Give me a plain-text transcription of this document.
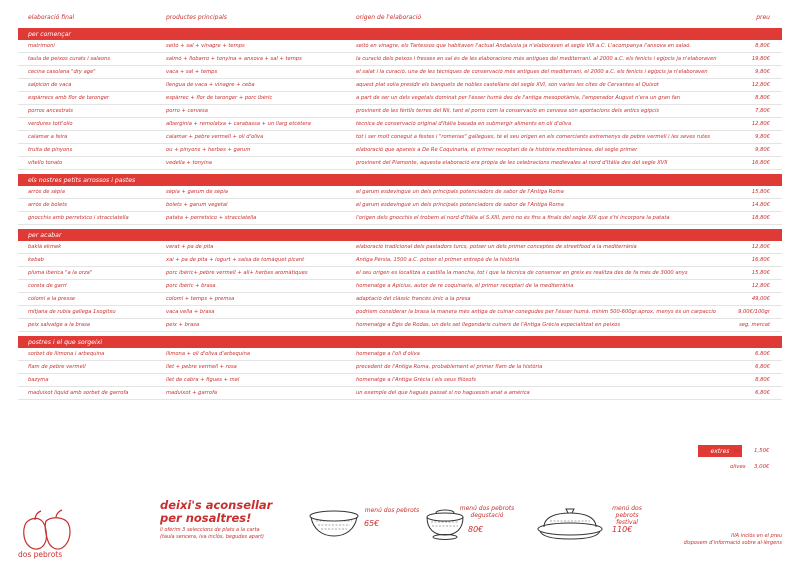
elaboració final	productes principals	origen de l'elaboració	preu
per començar
matrimoni	seitó + sal + vinagre + temps	seitó en vinagre, els Tartessos que habitaven l'actual Andalusia ja n'elaboraven al segle VIII a.C. L'acompanya l'anxova en salaó.	8,80€
taula de peixos curats i salaons	salmó + llobarro + tonyina + anxova + sal + temps	la curació dels peixos i fresses en sal és de les elaboracions més antigues del mediterrani. al 2000 a.C. els fenicis i egipcis ja n'elaboraven	19,80€
cecina casolana "dry age"	vaca + sal + temps	el salat i la curació, una de les tècniques de conservació més antigues del mediterrani, el 2000 a.C. els fenicis i egipcis ja n'elaboraven	9,80€
salpicón de vaca	llengua de vaca + vinagre + ceba	aquest plat solia presidir els banquets de nobles castellans del segle XVI, són varies les cites de Cervantes al Quixot	12,80€
espàrrecs amb flor de taronger	espàrrec + flor de taronger + porc ibèric	a part de ser un dels vegetals dominat per l'ésser humà des de l'antiga mesopotàmia, l'emperador August n'era un gran fan	8,80€
porros ancestrals	porro + cervesa	provinent de les fèrtils terres del Nil, tant el porro com la conservació en cervesa són aportacions dels antics egipcis	7,80€
verdures tott'olio	albergínia + remolatxa + carabassa + un llarg etcètera	tècnica de conservació original d'Itàlia basada en submergir aliments en oli d'oliva	12,80€
calamar a feira	calamar + pebre vermell + oli d'oliva	tot i ser molt conegut a festes i "romerías" gallegues, té el seu origen en els comerciants extremenys de pebre vermell i les seves rutes	9,80€
truita de pinyons	ou + pinyons + herbes + garum	elaboració que apareix a De Re Coquinaria, el primer receptari de la història mediterrànea, del segle primer	9,80€
vitello tonato	vedella + tonyina	provinent del Piamonte, aquesta elaboració era pròpia de les celebracions medievales al nord d'Itàlia des del segle XVII	16,80€
els nostres petits arrossos i pastes
arròs de sèpia	sèpia + garum de sèpia	el garum esdevingué un dels principals potenciadors de sabor de l'Antiga Roma	15,80€
arròs de bolets	bolets + garum vegetal	el garum esdevingué un dels principals potenciadors de sabor de l'Antiga Roma	14,80€
gnocchis amb perretxico i stracciatella	patata + perretxico + stracciatella	l'origen dels gnocchis el trobem al nord d'Itàlia al S.XIII, però no és fins a finals del segle XIX que s'hi incorpora la patata	18,80€
per acabar
baklà ekmek	verat + pa de pita	elaboració tradicional dels pastadors turcs, potser un dels primer conceptes de streetfood a la mediterrània	12,80€
kebab	xai + pa de pita + iogurt + salsa de tomàquet picant	Antiga Pèrsia, 1500 a.C. potser el primer entrepà de la història	16,80€
pluma ibèrica "a la orza"	porc ibèric+ pebre vermell + all+ herbes aromàtiques	el seu origen es localitza a castilla la mancha, tot i que la tècnica de conservar en greix es realitza des de fa més de 3000 anys	15,80€
coreta de garri	porc ibèric + brasa	homenatge a Apicius, autor de re coquinaria, el primer receptari de la mediterrània	12,80€
colomí a la presse	colomí + temps + premsa	adaptació del clàssic francès únic a la presa	49,00€
mitjana de rubia gallega 1xogitxu	vaca vella + brasa	podríem considerar la brasa la manera més antiga de cuinar conegudes per l'ésser humà. mínim 500-600gr.aprox, menys és un carpaccio	9,00€/100gr
peix salvatge a la brasa	peix + brasa	homenatge a Egis de Rodas, un dels set llegendaris cuiners de l'Antiga Grècia especialitzat en peixos	seg. mercat
postres i el que sorgeixi
sorbet de llimona i arbequina	llimona + oli d'oliva d'arbequina	homenatge a l'oli d'oliva	6,80€
flam de pebre vermell	llet + pebre vermell + rosa	precedent de l'Antiga Roma, probablement el primer flam de la història	6,80€
bazyma	llet de cabra + figues + mel	homenatge a l'Antiga Grècia i els seus filòsofs	8,80€
maduixot líquid amb sorbet de garrofa	maduixot + garrofa	un exemple del que hagués passat si no haguessin anat a amèrica	6,80€
extres pa 1,50€
olives 3,00€
dos pebrots
deixi's aconsellar
per nosaltres!
li oferim 3 seleccions de plats a la carta
(taula sencera, iva inclòs, begudes apart)
menú dos pebrots
65€
menú dos pebrots degustació
80€
menú dos pebrots festival
110€
IVA inclòs en el preu
disposem d'informació sobre al·lèrgens
